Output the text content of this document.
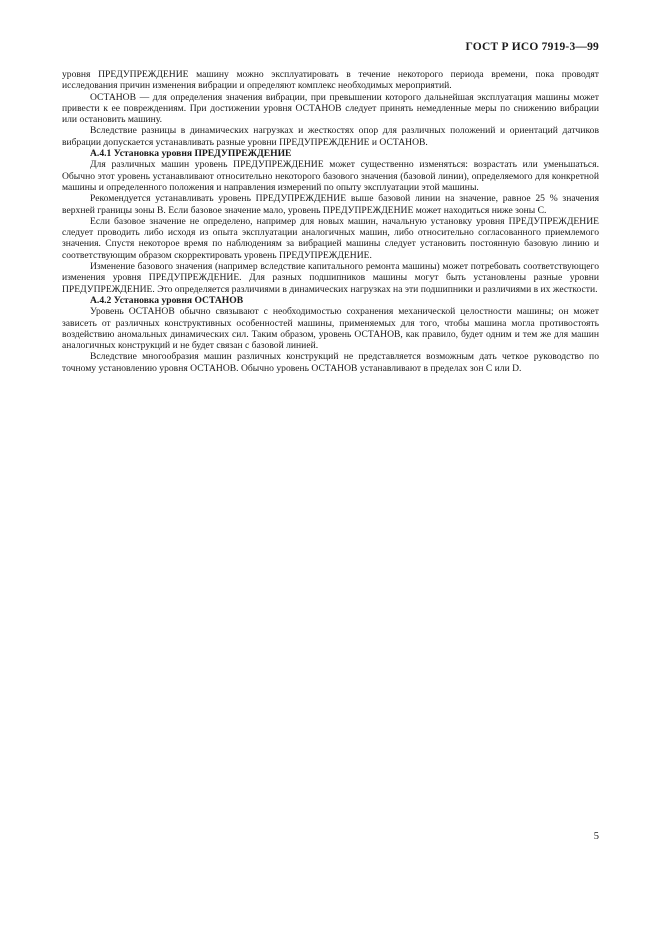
ГОСТ Р ИСО 7919-3—99

уровня ПРЕДУПРЕЖДЕНИЕ машину можно эксплуатировать в течение некоторого периода времени, пока проводят исследования причин изменения вибрации и определяют комплекс необходимых мероприятий.

ОСТАНОВ — для определения значения вибрации, при превышении которого дальнейшая эксплуатация машины может привести к ее повреждениям. При достижении уровня ОСТАНОВ следует принять немедленные меры по снижению вибрации или остановить машину.

Вследствие разницы в динамических нагрузках и жесткостях опор для различных положений и ориентаций датчиков вибрации допускается устанавливать разные уровни ПРЕДУПРЕЖДЕНИЕ и ОСТАНОВ.

А.4.1 Установка уровня ПРЕДУПРЕЖДЕНИЕ

Для различных машин уровень ПРЕДУПРЕЖДЕНИЕ может существенно изменяться: возрастать или уменьшаться. Обычно этот уровень устанавливают относительно некоторого базового значения (базовой линии), определяемого для конкретной машины и определенного положения и направления измерений по опыту эксплуатации этой машины.

Рекомендуется устанавливать уровень ПРЕДУПРЕЖДЕНИЕ выше базовой линии на значение, равное 25 % значения верхней границы зоны В. Если базовое значение мало, уровень ПРЕДУПРЕЖДЕНИЕ может находиться ниже зоны С.

Если базовое значение не определено, например для новых машин, начальную установку уровня ПРЕДУПРЕЖДЕНИЕ следует проводить либо исходя из опыта эксплуатации аналогичных машин, либо относительно согласованного приемлемого значения. Спустя некоторое время по наблюдениям за вибрацией машины следует установить постоянную базовую линию и соответствующим образом скорректировать уровень ПРЕДУПРЕЖДЕНИЕ.

Изменение базового значения (например вследствие капитального ремонта машины) может потребовать соответствующего изменения уровня ПРЕДУПРЕЖДЕНИЕ. Для разных подшипников машины могут быть установлены разные уровни ПРЕДУПРЕЖДЕНИЕ. Это определяется различиями в динамических нагрузках на эти подшипники и различиями в их жесткости.

А.4.2 Установка уровня ОСТАНОВ

Уровень ОСТАНОВ обычно связывают с необходимостью сохранения механической целостности машины; он может зависеть от различных конструктивных особенностей машины, применяемых для того, чтобы машина могла противостоять воздействию аномальных динамических сил. Таким образом, уровень ОСТАНОВ, как правило, будет одним и тем же для машин аналогичных конструкций и не будет связан с базовой линией.

Вследствие многообразия машин различных конструкций не представляется возможным дать четкое руководство по точному установлению уровня ОСТАНОВ. Обычно уровень ОСТАНОВ устанавливают в пределах зон С или D.

5
